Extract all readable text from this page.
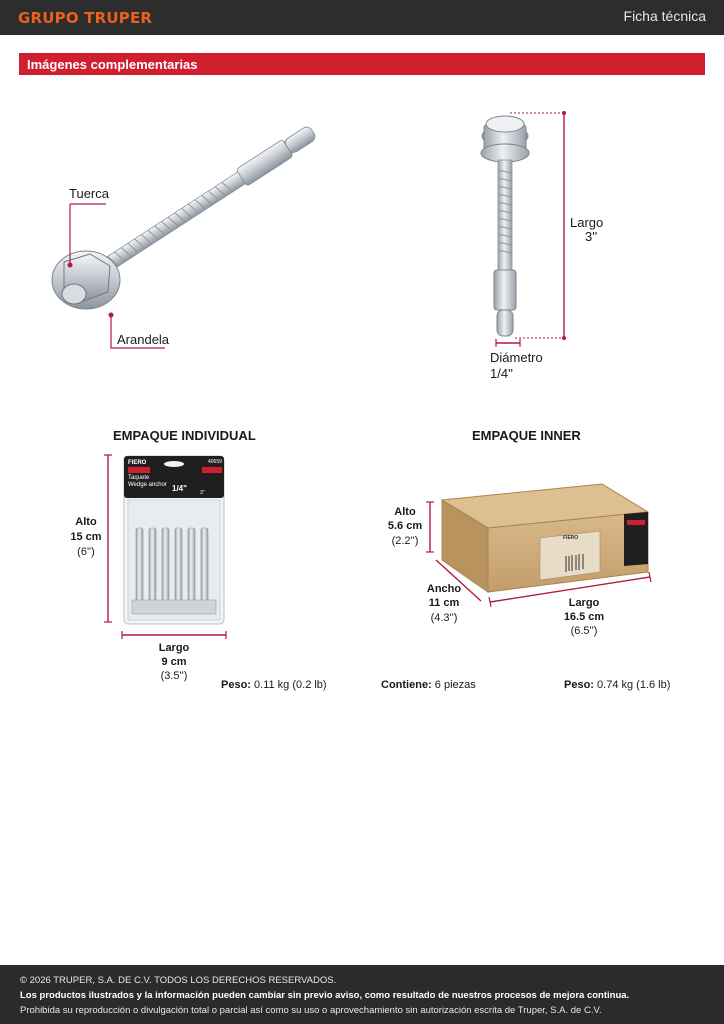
GRUPO TRUPER	Ficha técnica
Imágenes complementarias
Tuerca
Arandela
Largo
3''
Diámetro
1/4''
EMPAQUE INDIVIDUAL
FIERO	40659
Taquete
Wedge anchor 1/4"	3"
Alto
15 cm
(6'')
Largo
9 cm
(3.5'')
Peso: 0.11 kg (0.2 lb)
EMPAQUE INNER
FIERO
Alto
5.6 cm
(2.2'')
Ancho
11 cm
(4.3'')
Largo
16.5 cm
(6.5'')
Contiene: 6 piezas	Peso: 0.74 kg (1.6 lb)
© 2026 TRUPER, S.A. DE C.V. TODOS LOS DERECHOS RESERVADOS.
Los productos ilustrados y la información pueden cambiar sin previo aviso, como resultado de nuestros procesos de mejora continua.
Prohibida su reproducción o divulgación total o parcial así como su uso o aprovechamiento sin autorización escrita de Truper, S.A. de C.V.
